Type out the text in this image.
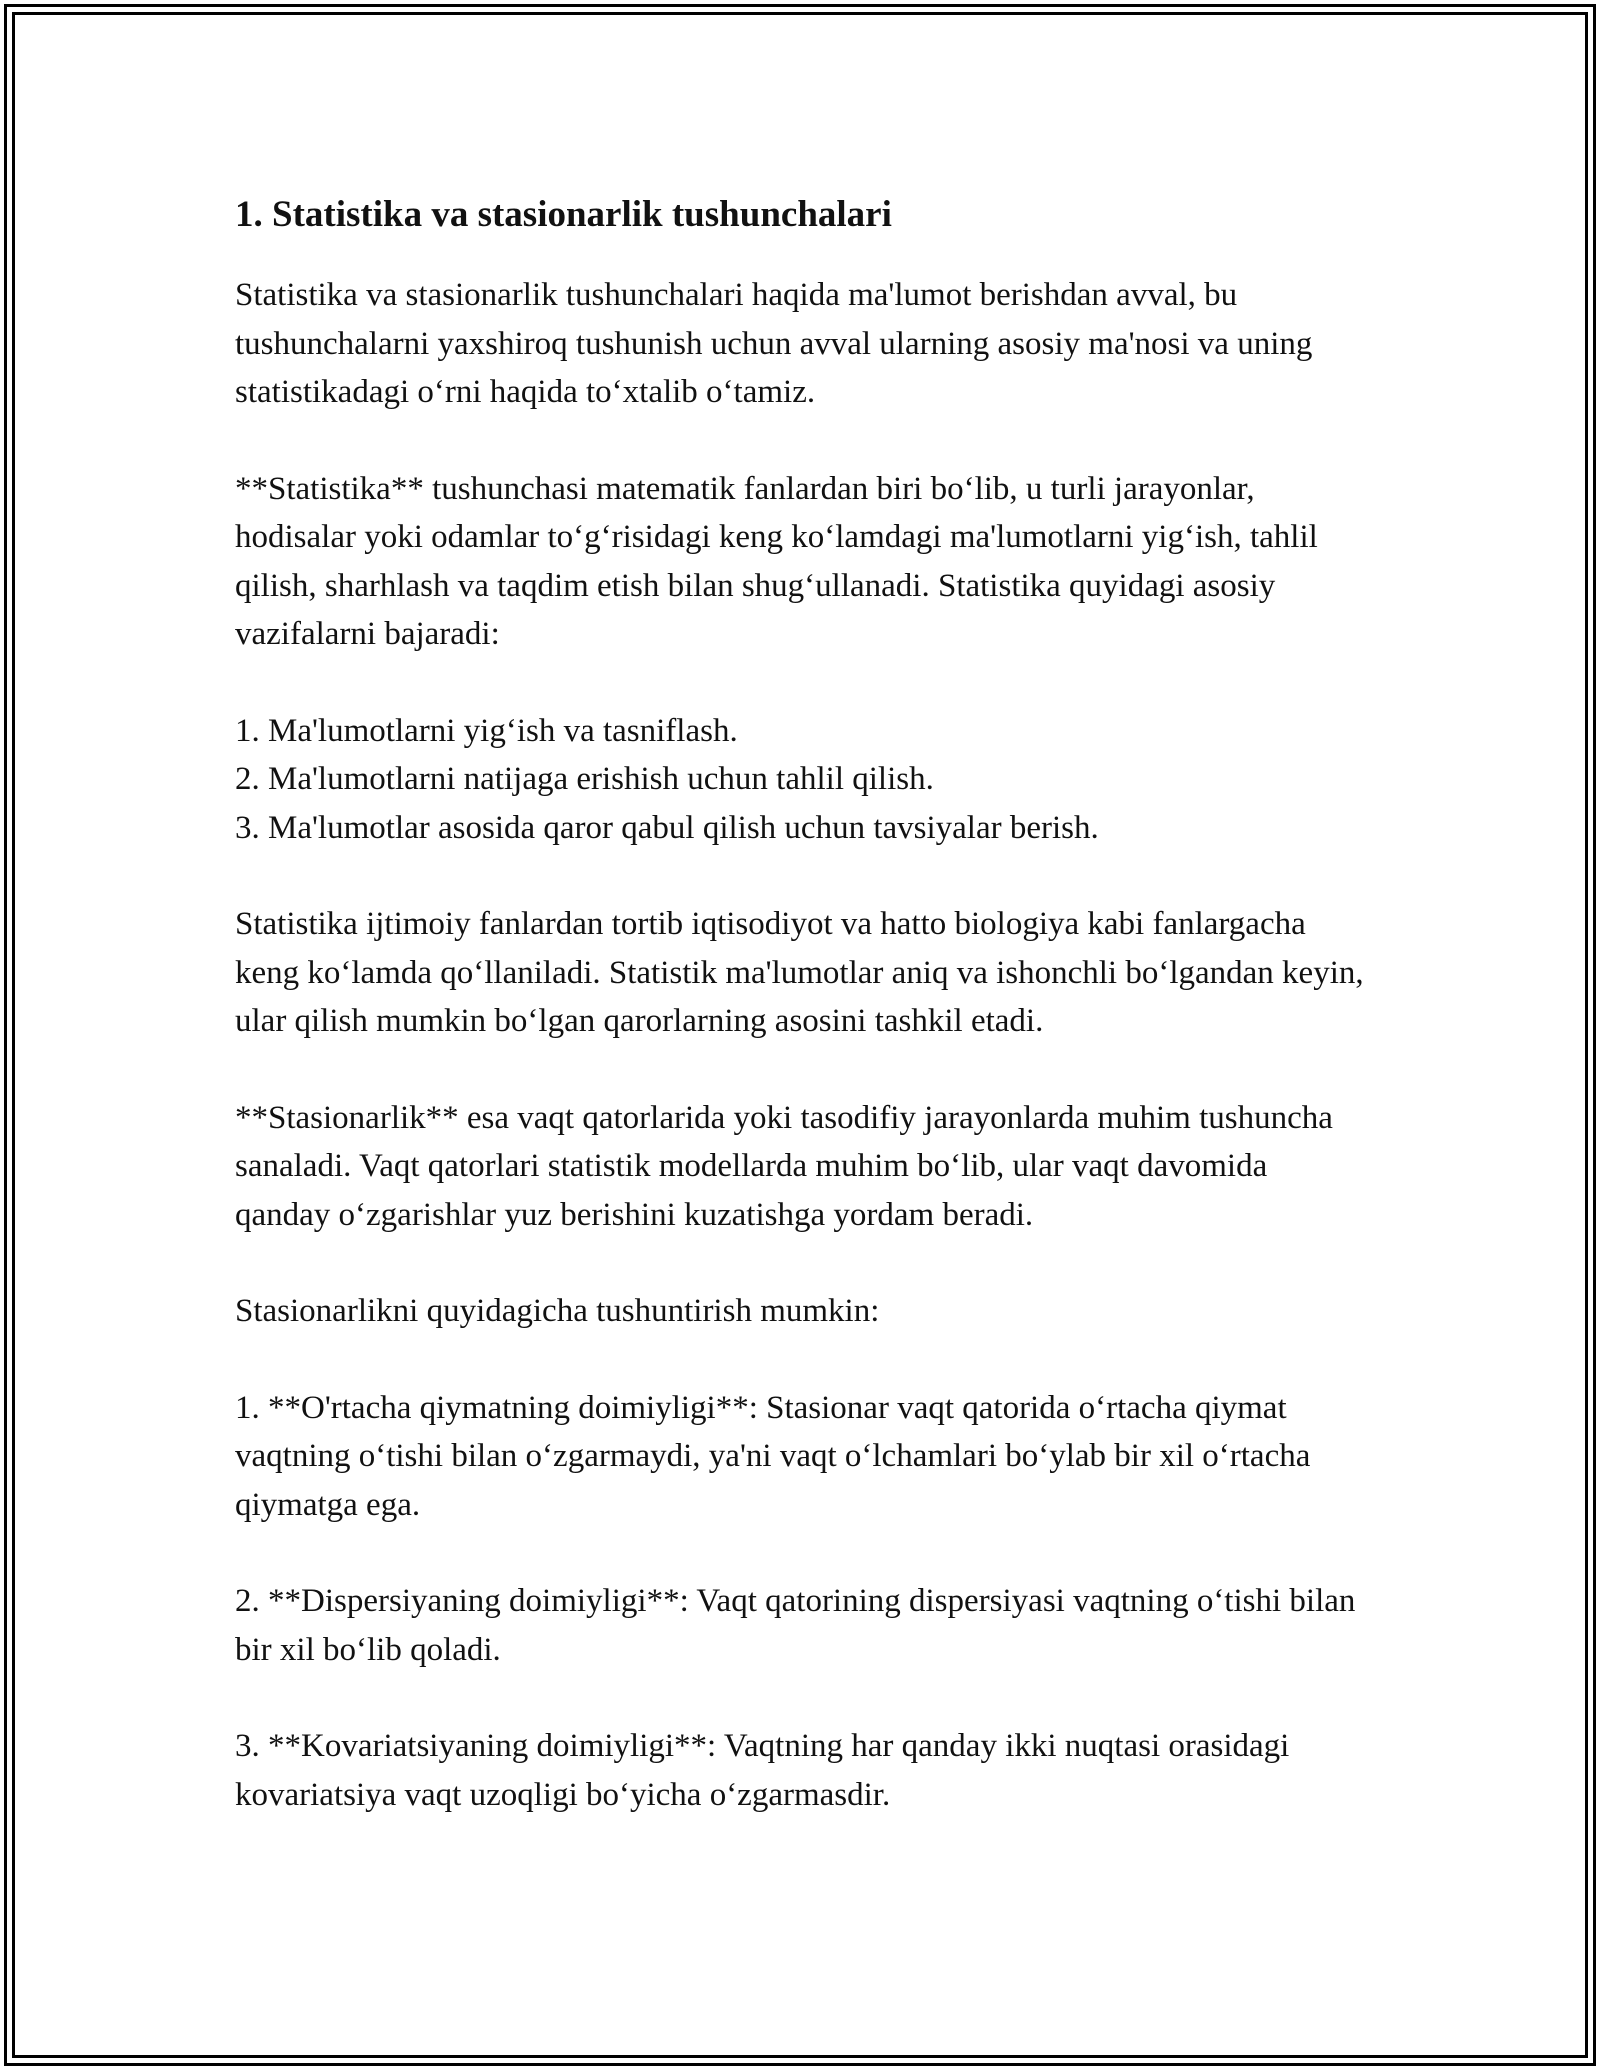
1. Statistika va stasionarlik tushunchalari

Statistika va stasionarlik tushunchalari haqida ma'lumot berishdan avval, bu tushunchalarni yaxshiroq tushunish uchun avval ularning asosiy ma'nosi va uning statistikadagi o‘rni haqida to‘xtalib o‘tamiz.

**Statistika** tushunchasi matematik fanlardan biri bo‘lib, u turli jarayonlar, hodisalar yoki odamlar to‘g‘risidagi keng ko‘lamdagi ma'lumotlarni yig‘ish, tahlil qilish, sharhlash va taqdim etish bilan shug‘ullanadi. Statistika quyidagi asosiy vazifalarni bajaradi:

1. Ma'lumotlarni yig‘ish va tasniflash.
2. Ma'lumotlarni natijaga erishish uchun tahlil qilish.
3. Ma'lumotlar asosida qaror qabul qilish uchun tavsiyalar berish.

Statistika ijtimoiy fanlardan tortib iqtisodiyot va hatto biologiya kabi fanlargacha keng ko‘lamda qo‘llaniladi. Statistik ma'lumotlar aniq va ishonchli bo‘lgandan keyin, ular qilish mumkin bo‘lgan qarorlarning asosini tashkil etadi.

**Stasionarlik** esa vaqt qatorlarida yoki tasodifiy jarayonlarda muhim tushuncha sanaladi. Vaqt qatorlari statistik modellarda muhim bo‘lib, ular vaqt davomida qanday o‘zgarishlar yuz berishini kuzatishga yordam beradi.

Stasionarlikni quyidagicha tushuntirish mumkin:

1. **O'rtacha qiymatning doimiyligi**: Stasionar vaqt qatorida o‘rtacha qiymat vaqtning o‘tishi bilan o‘zgarmaydi, ya'ni vaqt o‘lchamlari bo‘ylab bir xil o‘rtacha qiymatga ega.

2. **Dispersiyaning doimiyligi**: Vaqt qatorining dispersiyasi vaqtning o‘tishi bilan bir xil bo‘lib qoladi.

3. **Kovariatsiyaning doimiyligi**: Vaqtning har qanday ikki nuqtasi orasidagi kovariatsiya vaqt uzoqligi bo‘yicha o‘zgarmasdir.
